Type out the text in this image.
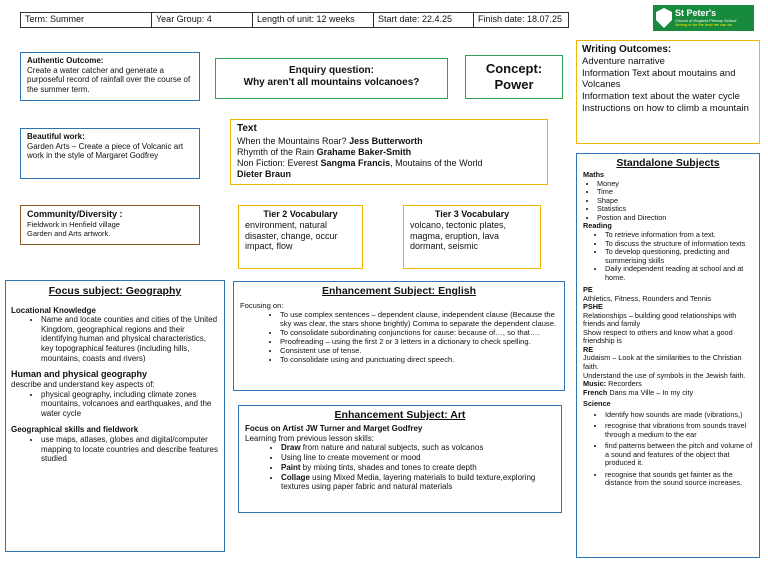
Term: Summer	Year Group: 4	Length of unit: 12 weeks	Start date: 22.4.25	Finish date: 18.07.25
St Peter's
Church of England Primary School
Aiming to be the best we can be
Authentic Outcome:
Create a water catcher and generate a purposeful record of rainfall over the course of the summer term.
Enquiry question:
Why aren't all mountains volcanoes?
Concept:
Power
Beautiful work:
Garden Arts – Create a piece of Volcanic art work in the style of Margaret Godfrey
Text
When the Mountains Roar? Jess Butterworth
Rhymth of the Rain Grahame Baker-Smith
Non Fiction: Everest Sangma Francis, Moutains of the World
Dieter Braun
Community/Diversity :
Fieldwork in Henfield village
Garden and Arts artwork.
Tier 2 Vocabulary
environment, natural disaster, change, occur impact, flow
Tier 3 Vocabulary
volcano, tectonic plates, magma, eruption, lava dormant, seismic
Writing Outcomes:
Adventure narrative
Information Text about moutains and Volcanes
Information text about the water cycle
Instructions on how to climb a mountain
Standalone Subjects
Maths
• Money
• Time
• Shape
• Statistics
• Postion and Direction
Reading
• To retrieve information from a text.
• To discuss the structure of information texts
• To develop questioning, predicting and summerising skills
• Daily independent reading at school and at home.
PE
Athletics, Fitness, Rounders and Tennis
PSHE
Relationships – building good relationships with friends and family
Show respect to others and know what a good friendship is
RE
Judaism – Look at the similarities to the Christian faith.
Understand the use of symbols in the Jewish faith.
Music: Recorders
French Dans ma Ville – In my city
Science
• Identify how sounds are made (vibrations,)
• recognise that vibrations from sounds travel through a medium to the ear
• find patterns between the pitch and volume of a sound and features of the object that produced it.
• recognise that sounds get fainter as the distance from the sound source increases.
Focus subject: Geography
Locational Knowledge
• Name and locate counties and cities of the United Kingdom, geographical regions and their identifying human and physical characteristics, key topographical features (including hills, mountains, coasts and rivers)
Human and physical geography
describe and understand key aspects of:
• physical geography, including climate zones mountains, volcanoes and earthquakes, and the water cycle
Geographical skills and fieldwork
• use maps, atlases, globes and digital/computer mapping to locate countries and describe features studied
Enhancement Subject: English
Focusing on:
• To use complex sentences – dependent clause, independent clause (Because the sky was clear, the stars shone brightly) Comma to separate the dependent clause.
• To consolidate subordinating conjunctions for cause: because of…, so that….
• Proofreading – using the first 2 or 3 letters in a dictionary to check spelling.
• Consistent use of tense.
• To consolidate using and punctuating direct speech.
Enhancement Subject: Art
Focus on Artist JW Turner and Marget Godfrey
Learning from previous lesson skills:
• Draw from nature and natural subjects, such as volcanos
• Using line to create movement or mood
• Paint by mixing tints, shades and tones to create depth
• Collage using Mixed Media, layering materials to build texture,exploring textures using paper fabric and natural materials
